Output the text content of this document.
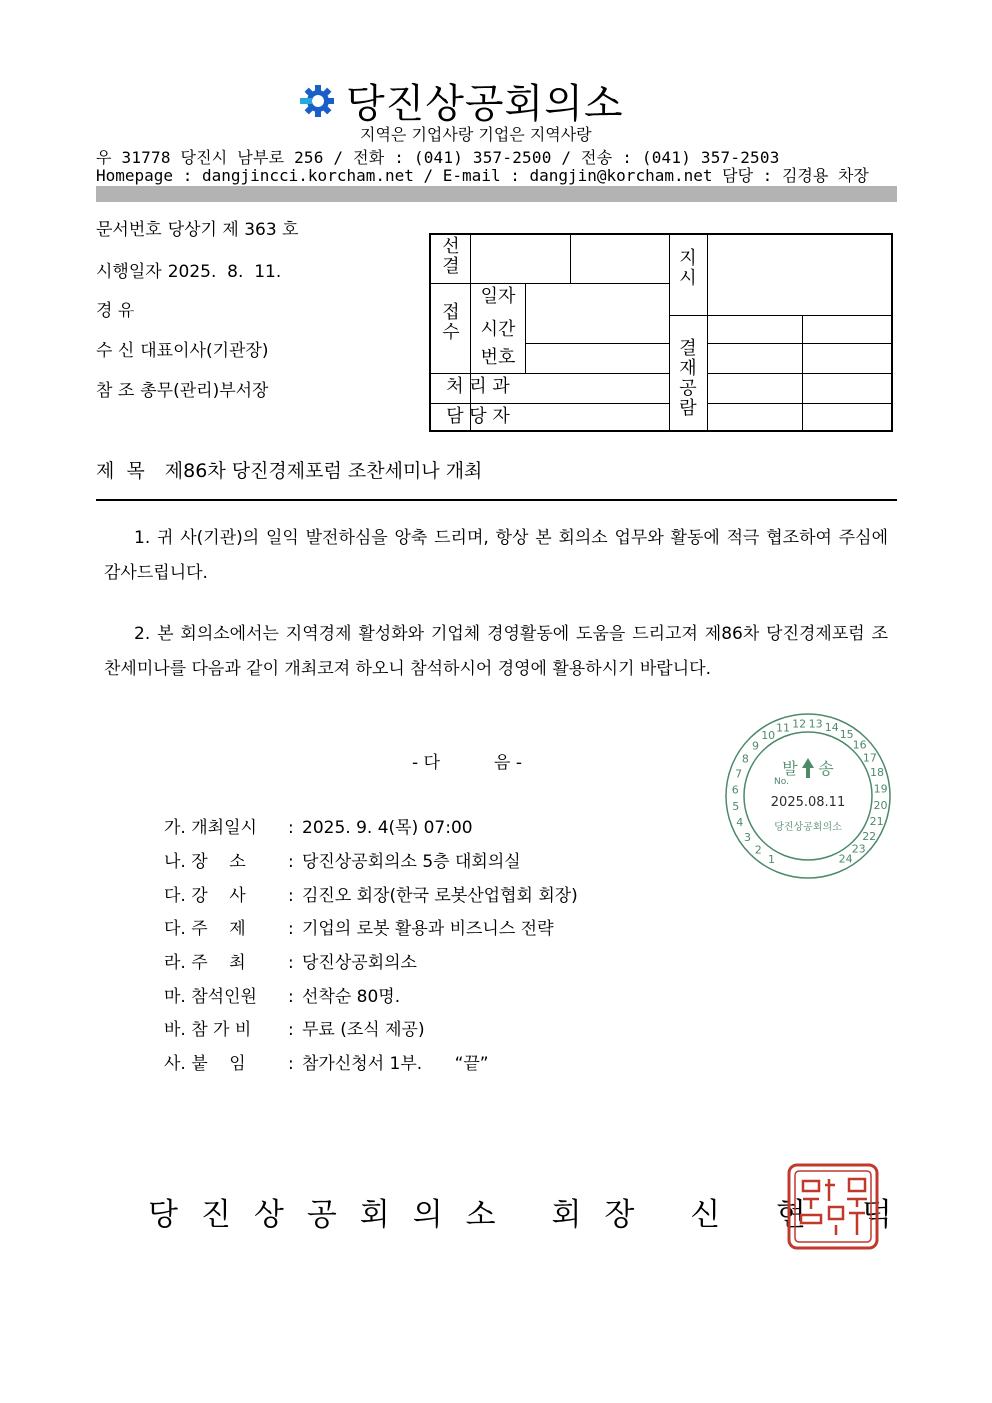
당진상공회의소
지역은 기업사랑 기업은 지역사랑
우 31778 당진시 남부로 256 / 전화 : (041) 357-2500 / 전송 : (041) 357-2503
Homepage : dangjincci.korcham.net / E-mail : dangjin@korcham.net 담당 : 김경용 차장
문서번호 당상기 제 363 호
시행일자 2025.  8.  11.
경 유
수 신 대표이사(기관장)
참 조 총무(관리)부서장
선결
접수
일자
시간
번호
처 리 과
담 당 자
지시
결재공람
제  목 제86차 당진경제포럼 조찬세미나 개최
1. 귀 사(기관)의 일익 발전하심을 앙축 드리며, 항상 본 회의소 업무와 활동에 적극 협조하여 주심에 감사드립니다.
2. 본 회의소에서는 지역경제 활성화와 기업체 경영활동에 도움을 드리고져 제86차 당진경제포럼 조찬세미나를 다음과 같이 개최코져 하오니 참석하시어 경영에 활용하시기 바랍니다.
- 다          음 -
가. 개최일시 : 2025. 9. 4(목) 07:00
나. 장    소 : 당진상공회의소 5층 대회의실
다. 강    사 : 김진오 회장(한국 로봇산업협회 회장)
다. 주    제 : 기업의 로봇 활용과 비즈니스 전략
라. 주    최 : 당진상공회의소
마. 참석인원 : 선착순 80명.
바. 참 가 비 : 무료 (조식 제공)
사. 붙    임 : 참가신청서 1부.      “끝”
1
2
3
4
5
6
7
8
9
10
11 12 13 14
15
16
17
18
19
20
21
22
23
24
발 송
No.
2025.08.11
당진상공회의소
당진상공회의소 회장 신 현 덕
